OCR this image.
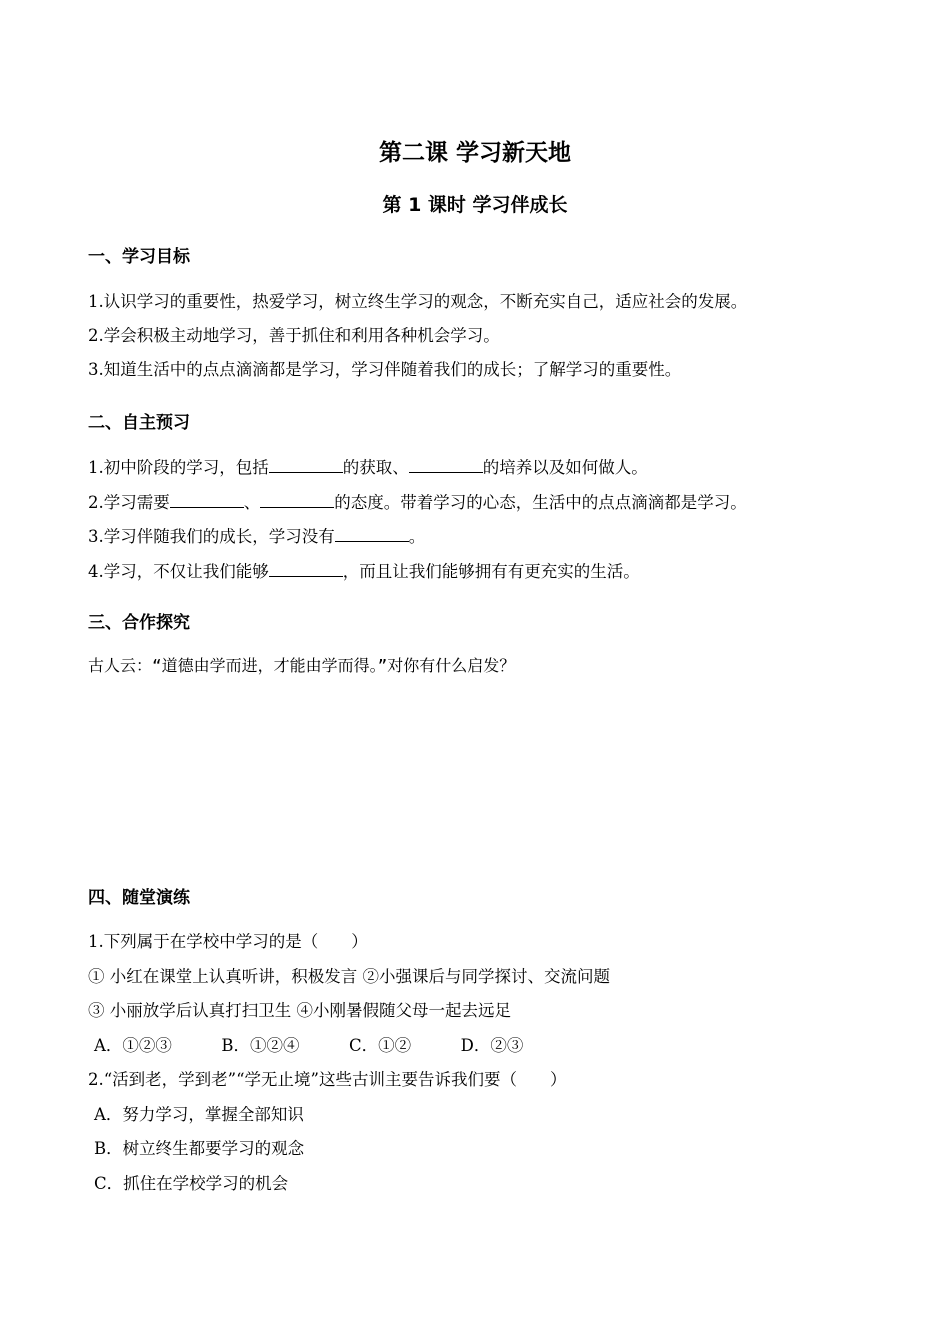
第二课 学习新天地
第 1 课时 学习伴成长
一、学习目标
1.认识学习的重要性，热爱学习，树立终生学习的观念，不断充实自己，适应社会的发展。
2.学会积极主动地学习，善于抓住和利用各种机会学习。
3.知道生活中的点点滴滴都是学习，学习伴随着我们的成长；了解学习的重要性。
二、自主预习
1.初中阶段的学习，包括	的获取、	的培养以及如何做人。
2.学习需要	、	的态度。带着学习的心态，生活中的点点滴滴都是学习。
3.学习伴随我们的成长，学习没有	。
4.学习，不仅让我们能够	，而且让我们能够拥有有更充实的生活。
三、合作探究
古人云：“道德由学而进，才能由学而得。”对你有什么启发？
四、随堂演练
1.下列属于在学校中学习的是（　　）
① 小红在课堂上认真听讲，积极发言 ②小强课后与同学探讨、交流问题
③ 小丽放学后认真打扫卫生 ④小刚暑假随父母一起去远足
A．①②③　　　B．①②④　　　C．①②　　　D．②③
2.“活到老，学到老”“学无止境”这些古训主要告诉我们要（　　）
A．努力学习，掌握全部知识
B．树立终生都要学习的观念
C．抓住在学校学习的机会
